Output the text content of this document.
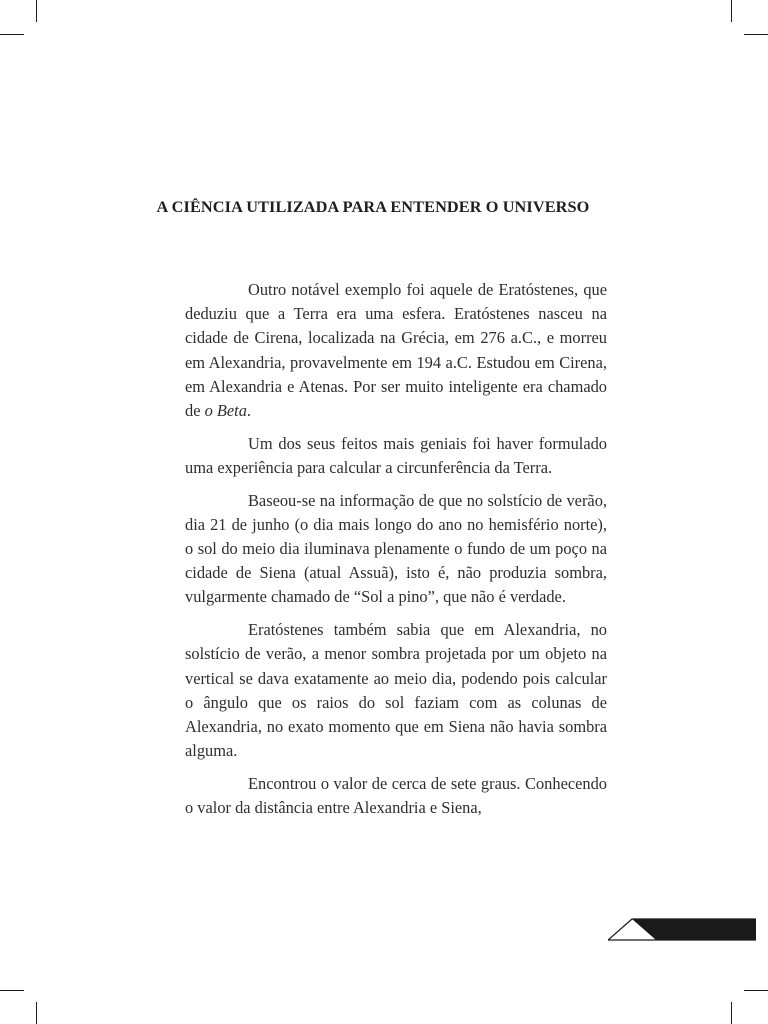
A CIÊNCIA UTILIZADA PARA ENTENDER O UNIVERSO

Outro notável exemplo foi aquele de Eratóstenes, que deduziu que a Terra era uma esfera. Eratóstenes nasceu na cidade de Cirena, localizada na Grécia, em 276 a.C., e morreu em Alexandria, provavelmente em 194 a.C. Estudou em Cirena, em Alexandria e Atenas. Por ser muito inteligente era chamado de o Beta.

Um dos seus feitos mais geniais foi haver formulado uma experiência para calcular a circunferência da Terra.

Baseou-se na informação de que no solstício de verão, dia 21 de junho (o dia mais longo do ano no hemisfério norte), o sol do meio dia iluminava plenamente o fundo de um poço na cidade de Siena (atual Assuã), isto é, não produzia sombra, vulgarmente chamado de “Sol a pino”, que não é verdade.

Eratóstenes também sabia que em Alexandria, no solstício de verão, a menor sombra projetada por um objeto na vertical se dava exatamente ao meio dia, podendo pois calcular o ângulo que os raios do sol faziam com as colunas de Alexandria, no exato momento que em Siena não havia sombra alguma.

Encontrou o valor de cerca de sete graus. Conhecendo o valor da distância entre Alexandria e Siena,
